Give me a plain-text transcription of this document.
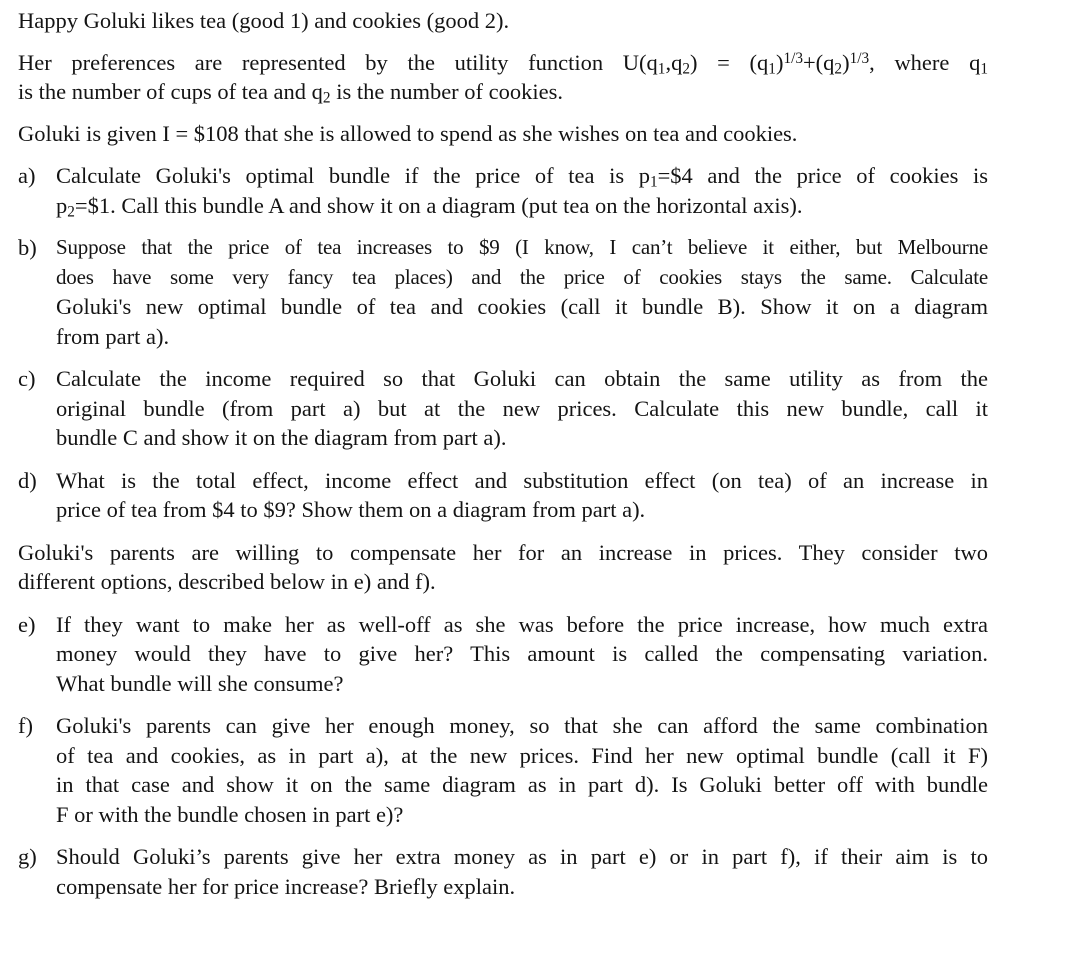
Happy Goluki likes tea (good 1) and cookies (good 2).

Her preferences are represented by the utility function $U(q_1,q_2) = (q_1)^{1/3}+(q_2)^{1/3}$, where $q_1$
is the number of cups of tea and $q_2$ is the number of cookies.

Goluki is given I = $108 that she is allowed to spend as she wishes on tea and cookies.

a) Calculate Goluki's optimal bundle if the price of tea is $p_1=\$4$ and the price of cookies is
$p_2=\$1$. Call this bundle A and show it on a diagram (put tea on the horizontal axis).
b) Suppose that the price of tea increases to $9 (I know, I can’t believe it either, but Melbourne
does have some very fancy tea places) and the price of cookies stays the same. Calculate
Goluki's new optimal bundle of tea and cookies (call it bundle B). Show it on a diagram
from part a).
c) Calculate the income required so that Goluki can obtain the same utility as from the
original bundle (from part a) but at the new prices. Calculate this new bundle, call it
bundle C and show it on the diagram from part a).
d) What is the total effect, income effect and substitution effect (on tea) of an increase in
price of tea from $4 to $9? Show them on a diagram from part a).
Goluki's parents are willing to compensate her for an increase in prices. They consider two
different options, described below in e) and f).
e) If they want to make her as well-off as she was before the price increase, how much extra
money would they have to give her? This amount is called the compensating variation.
What bundle will she consume?
f)	Goluki's parents can give her enough money, so that she can afford the same combination
of tea and cookies, as in part a), at the new prices. Find her new optimal bundle (call it F)
in that case and show it on the same diagram as in part d). Is Goluki better off with bundle
F or with the bundle chosen in part e)?
g) Should Goluki’s parents give her extra money as in part e) or in part f), if their aim is to
compensate her for price increase? Briefly explain.
